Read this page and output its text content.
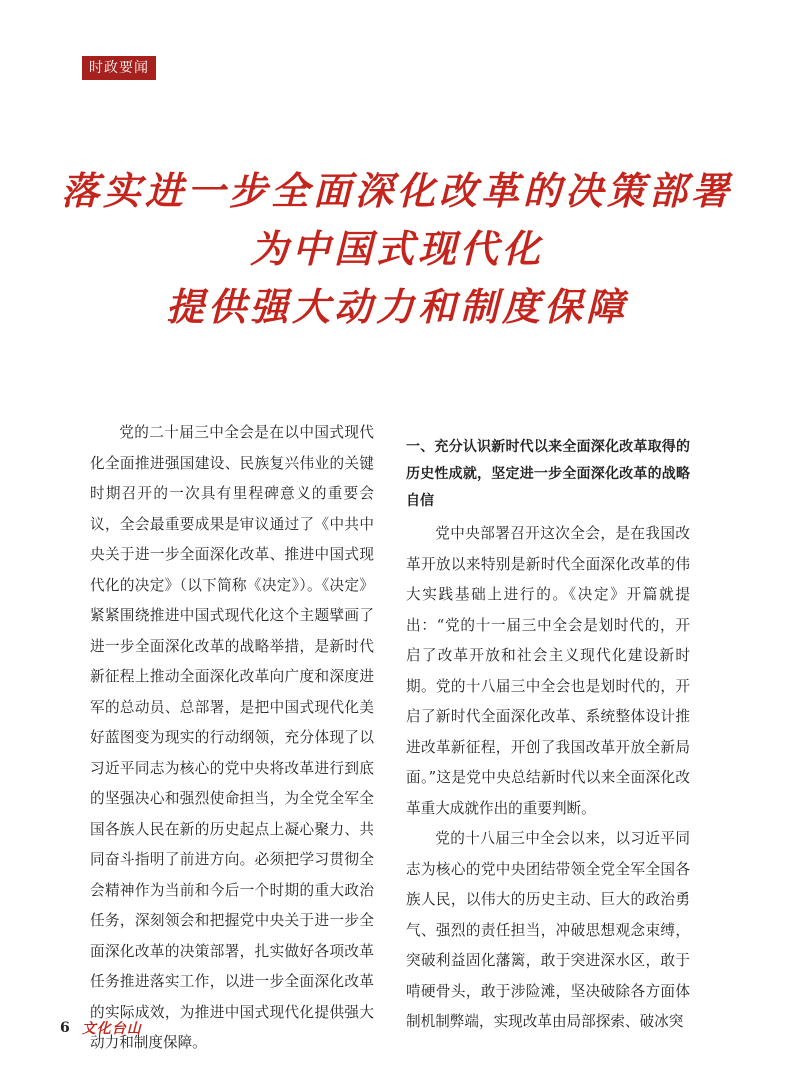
时政要闻

落实进一步全面深化改革的决策部署

为中国式现代化

提供强大动力和制度保障

党的二十届三中全会是在以中国式现代化全面推进强国建设、民族复兴伟业的关键时期召开的一次具有里程碑意义的重要会议，全会最重要成果是审议通过了《中共中央关于进一步全面深化改革、推进中国式现代化的决定》（以下简称《决定》）。《决定》紧紧围绕推进中国式现代化这个主题擘画了进一步全面深化改革的战略举措，是新时代新征程上推动全面深化改革向广度和深度进军的总动员、总部署，是把中国式现代化美好蓝图变为现实的行动纲领，充分体现了以习近平同志为核心的党中央将改革进行到底的坚强决心和强烈使命担当，为全党全军全国各族人民在新的历史起点上凝心聚力、共同奋斗指明了前进方向。必须把学习贯彻全会精神作为当前和今后一个时期的重大政治任务，深刻领会和把握党中央关于进一步全面深化改革的决策部署，扎实做好各项改革任务推进落实工作，以进一步全面深化改革的实际成效，为推进中国式现代化提供强大动力和制度保障。

一、充分认识新时代以来全面深化改革取得的历史性成就，坚定进一步全面深化改革的战略自信

党中央部署召开这次全会，是在我国改革开放以来特别是新时代全面深化改革的伟大实践基础上进行的。《决定》开篇就提出：“党的十一届三中全会是划时代的，开启了改革开放和社会主义现代化建设新时期。党的十八届三中全会也是划时代的，开启了新时代全面深化改革、系统整体设计推进改革新征程，开创了我国改革开放全新局面。”这是党中央总结新时代以来全面深化改革重大成就作出的重要判断。

党的十八届三中全会以来，以习近平同志为核心的党中央团结带领全党全军全国各族人民，以伟大的历史主动、巨大的政治勇气、强烈的责任担当，冲破思想观念束缚，突破利益固化藩篱，敢于突进深水区，敢于啃硬骨头，敢于涉险滩，坚决破除各方面体制机制弊端，实现改革由局部探索、破冰突

6 文化台山
